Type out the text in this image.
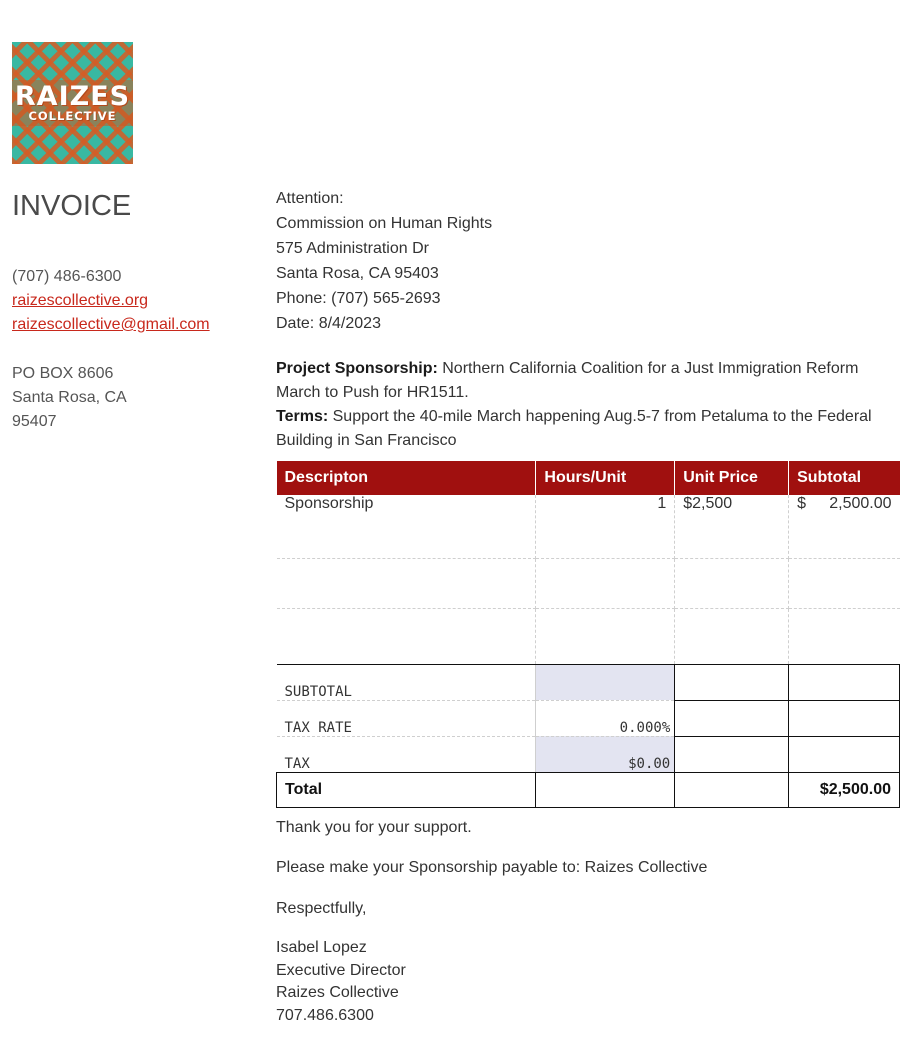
RAIZES
COLLECTIVE
INVOICE
(707) 486-6300
raizescollective.org
raizescollective@gmail.com
PO BOX 8606
Santa Rosa, CA
95407
Attention:
Commission on Human Rights
575 Administration Dr
Santa Rosa, CA 95403
Phone: (707) 565-2693
Date: 8/4/2023
Project Sponsorship: Northern California Coalition for a Just Immigration Reform March to Push for HR1511.
Terms: Support the 40-mile March happening Aug.5-7 from Petaluma to the Federal Building in San Francisco
Descripton	Hours/Unit	Unit Price	Subtotal
Sponsorship	1	$2,500	$ 2,500.00

SUBTOTAL			
TAX RATE	0.000%		
TAX	$0.00		
Total			$2,500.00
Thank you for your support.
Please make your Sponsorship payable to: Raizes Collective
Respectfully,
Isabel Lopez
Executive Director
Raizes Collective
707.486.6300
